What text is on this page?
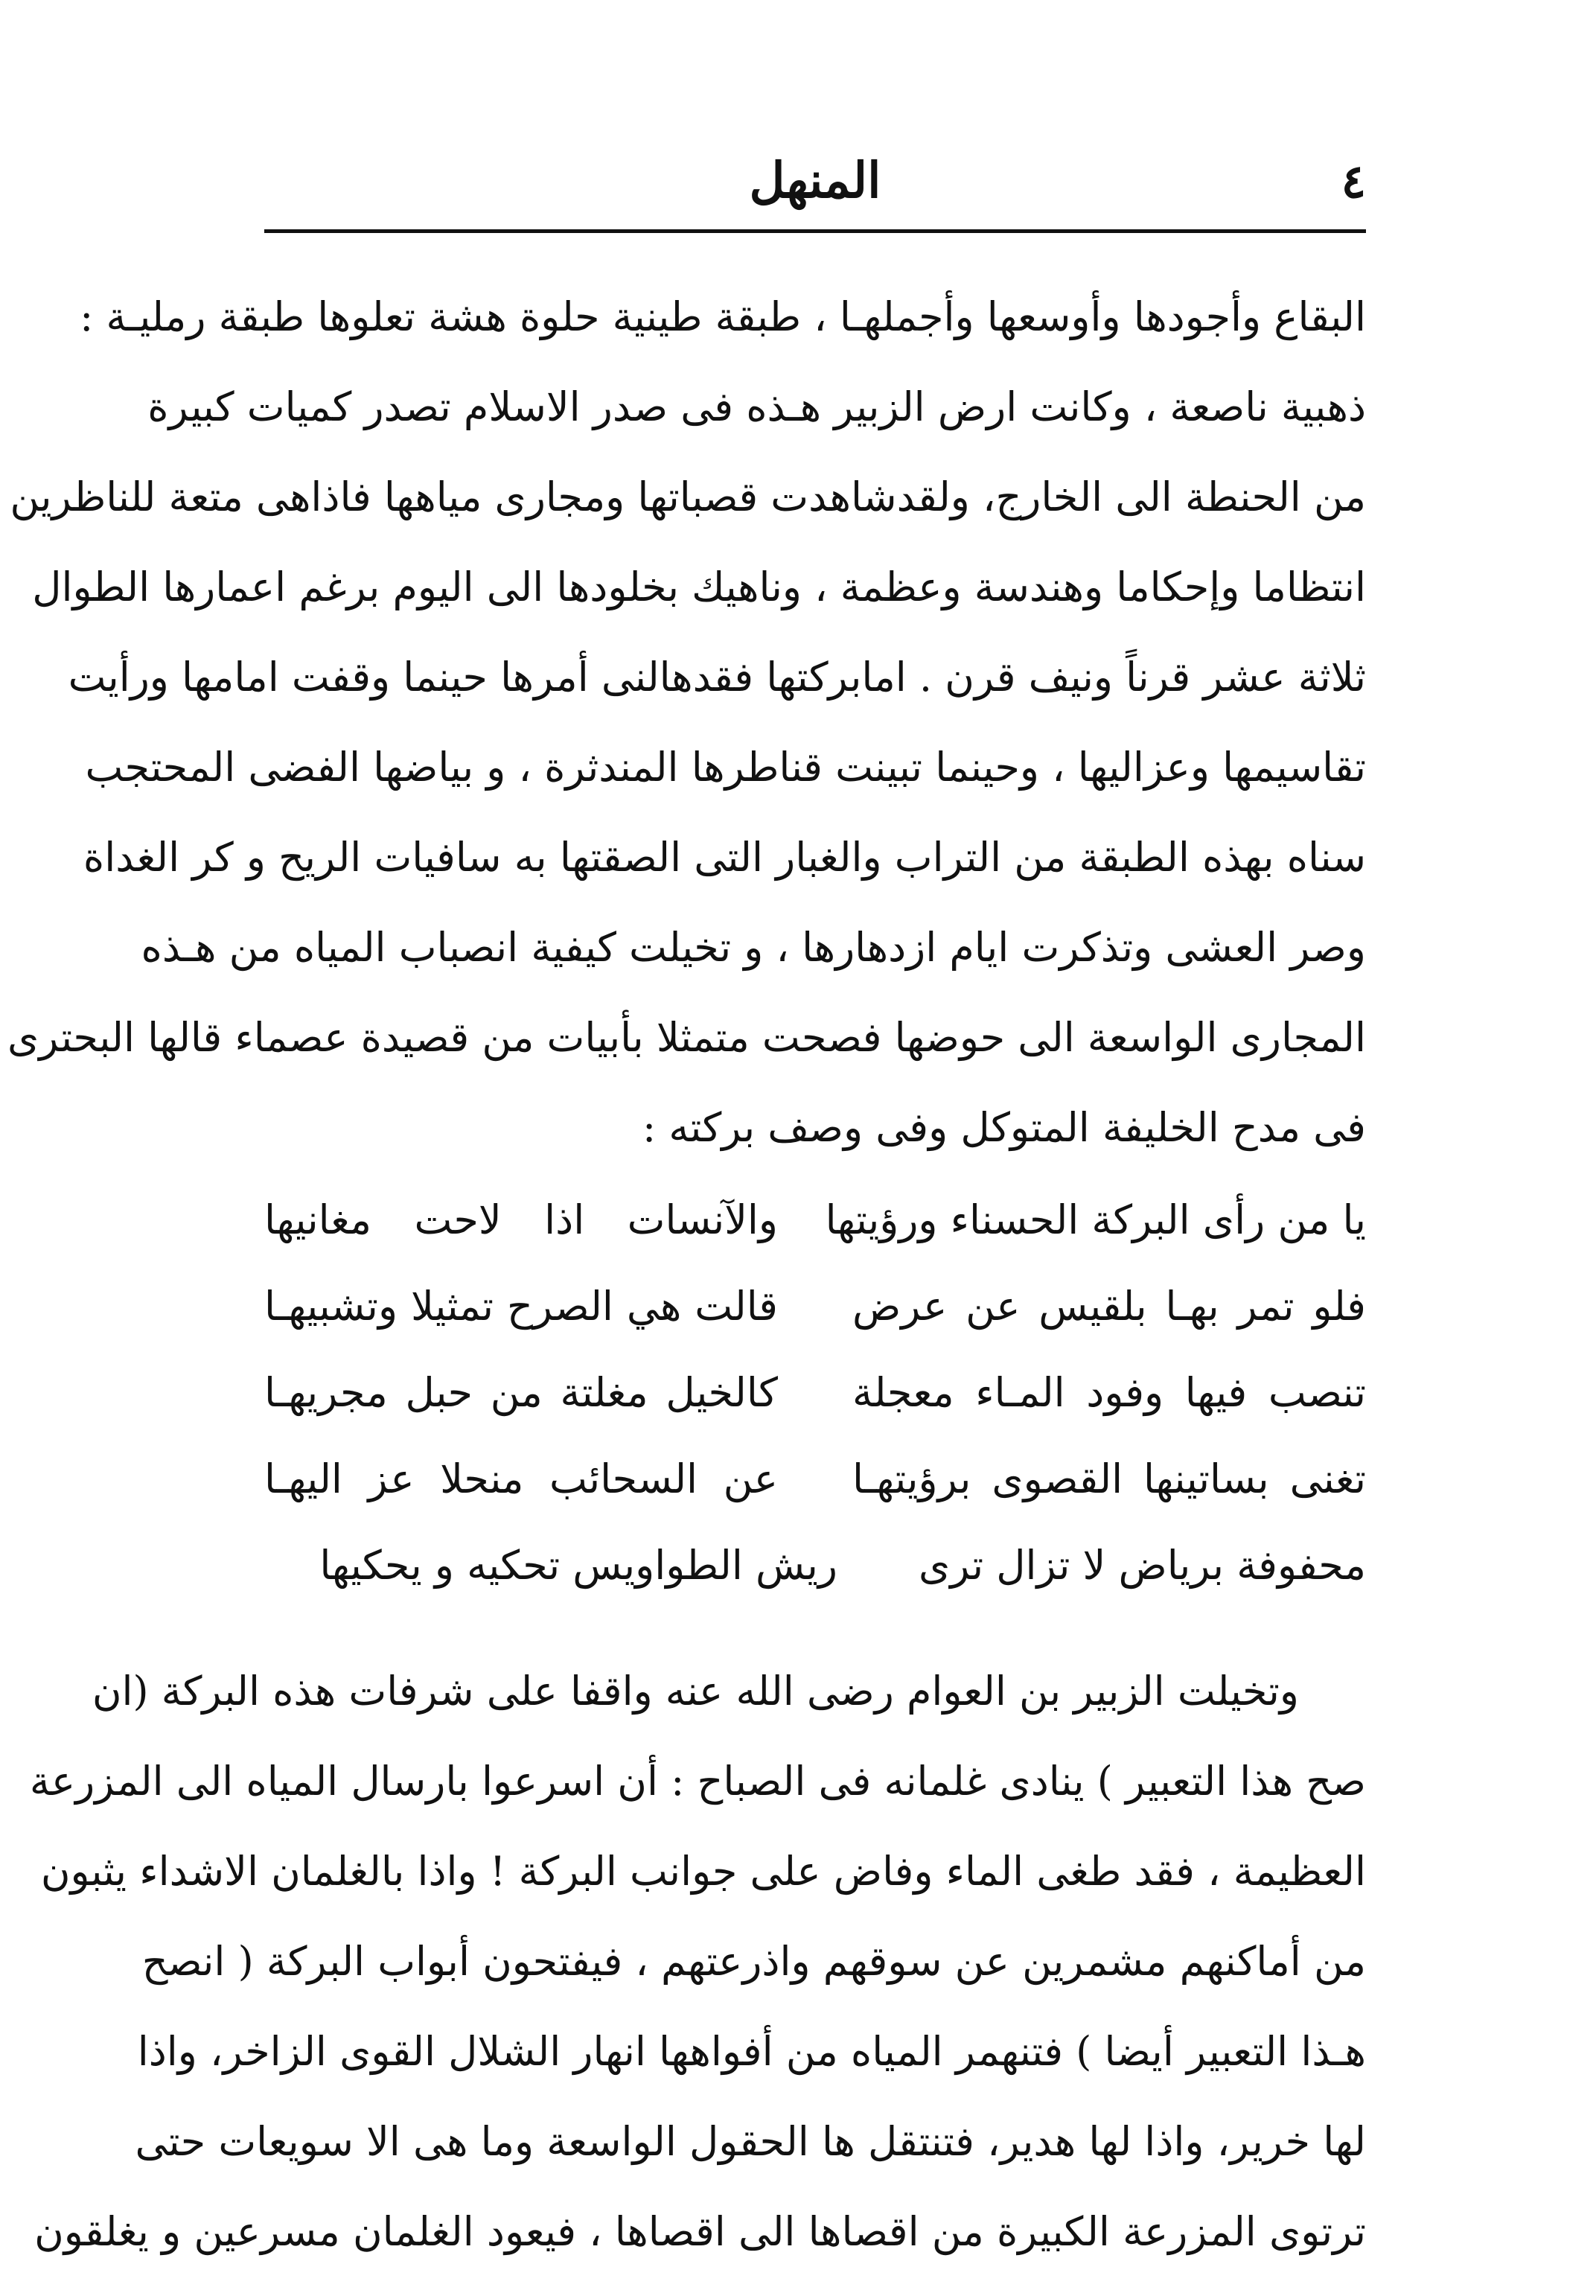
٤
المنهل
البقاع وأجودها وأوسعها وأجملهـا ، طبقة طينية حلوة هشة تعلوها طبقة رمليـة :
ذهبية ناصعة ، وكانت ارض الزبير هـذه فى صدر الاسلام تصدر كميات كبيرة
من الحنطة الى الخارج، ولقدشاهدت قصباتها ومجارى مياهها فاذاهى متعة للناظرين
انتظاما وإحكاما وهندسة وعظمة ، وناهيك بخلودها الى اليوم برغم اعمارها الطوال
ثلاثة عشر قرناً ونيف قرن . امابركتها فقدهالنى أمرها حينما وقفت امامها ورأيت
تقاسيمها وعزاليها ، وحينما تبينت قناطرها المندثرة ، و بياضها الفضى المحتجب
سناه بهذه الطبقة من التراب والغبار التى الصقتها به سافيات الريح و كر الغداة
وصر العشى وتذكرت ايام ازدهارها ، و تخيلت كيفية انصباب المياه من هـذه
المجارى الواسعة الى حوضها فصحت متمثلا بأبيات من قصيدة عصماء قالها البحترى
فى مدح الخليفة المتوكل وفى وصف بركته :
يا من رأى البركة الحسناء ورؤيتها
والآنسات اذا لاحت مغانيها
فلو تمر بهـا بلقيس عن عرض
قالت هي الصرح تمثيلا وتشبيهـا
تنصب فيها وفود المـاء معجلة
كالخيل مغلتة من حبل مجريهـا
تغنى بساتينها القصوى برؤيتهـا
عن السحائب منحلا عز اليهـا
محفوفة برياض لا تزال ترى
ريش الطواويس تحكيه و يحكيها
وتخيلت الزبير بن العوام رضى الله عنه واقفا على شرفات هذه البركة (ان
صح هذا التعبير ) ينادى غلمانه فى الصباح : أن اسرعوا بارسال المياه الى المزرعة
العظيمة ، فقد طغى الماء وفاض على جوانب البركة ! واذا بالغلمان الاشداء يثبون
من أماكنهم مشمرين عن سوقهم واذرعتهم ، فيفتحون أبواب البركة ( انصح
هـذا التعبير أيضا ) فتنهمر المياه من أفواهها انهار الشلال القوى الزاخر، واذا
لها خرير، واذا لها هدير، فتنتقل ها الحقول الواسعة وما هى الا سويعات حتى
ترتوى المزرعة الكبيرة من اقصاها الى اقصاها ، فيعود الغلمان مسرعين و يغلقون
